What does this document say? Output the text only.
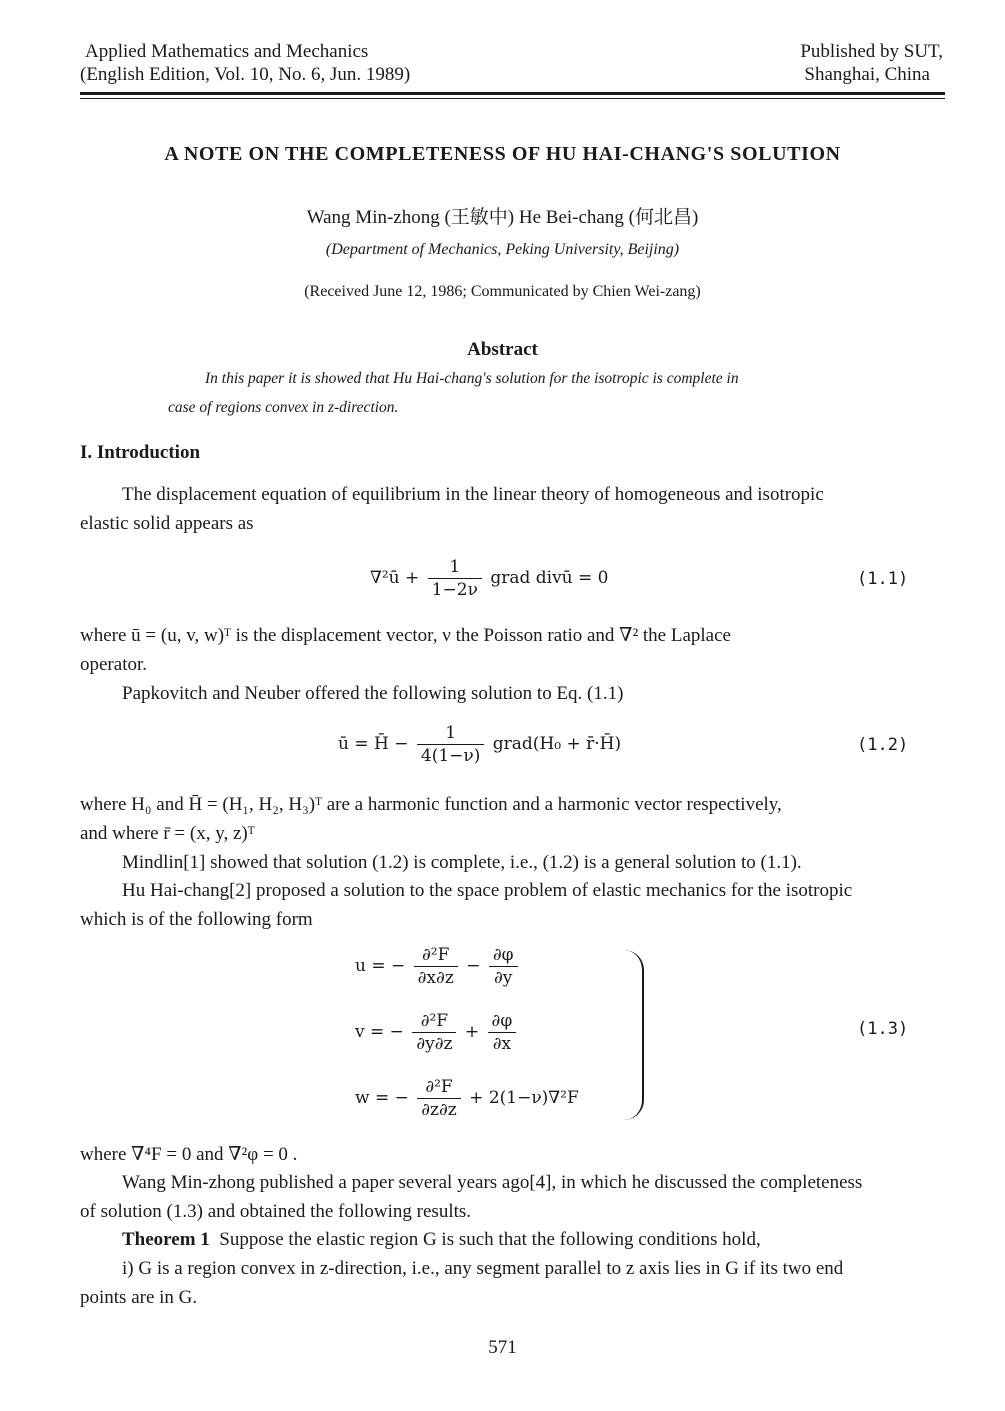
Applied Mathematics and Mechanics
(English Edition, Vol. 10, No. 6, Jun. 1989)
Published by SUT,
Shanghai, China
A NOTE ON THE COMPLETENESS OF HU HAI-CHANG'S SOLUTION
Wang Min-zhong (王敏中) He Bei-chang (何北昌)
(Department of Mechanics, Peking University, Beijing)
(Received June 12, 1986; Communicated by Chien Wei-zang)
Abstract
In this paper it is showed that Hu Hai-chang's solution for the isotropic is complete in
case of regions convex in z-direction.
I. Introduction
The displacement equation of equilibrium in the linear theory of homogeneous and isotropic
elastic solid appears as
∇²ū + $\frac{1}{1-2\nu}$ grad divū = 0	(1.1)
where ū = (u, v, w)ᵀ is the displacement vector, ν the Poisson ratio and ∇² the Laplace
operator.
Papkovitch and Neuber offered the following solution to Eq. (1.1)
ū = H̄ − $\frac{1}{4(1-\nu)}$ grad(H₀ + r̄·H̄)	(1.2)
where H₀ and H̄ = (H₁, H₂, H₃)ᵀ are a harmonic function and a harmonic vector respectively,
and where r̄ = (x, y, z)ᵀ
Mindlin[1] showed that solution (1.2) is complete, i.e., (1.2) is a general solution to (1.1).
Hu Hai-chang[2] proposed a solution to the space problem of elastic mechanics for the isotropic
which is of the following form
u = − $\frac{\text{∂²F}}{\partial x\partial z} - \frac{\partial\varphi}{\partial y}$
v = − $\frac{\text{∂²F}}{\partial y\partial z} + \frac{\partial\varphi}{\partial x}$
w = − $\frac{\text{∂²F}}{\partial z\partial z} + 2(1-\nu)\nabla^2F$
(1.3)
where ∇⁴F = 0 and ∇²φ = 0 .
Wang Min-zhong published a paper several years ago[4], in which he discussed the completeness
of solution (1.3) and obtained the following results.
Theorem 1 Suppose the elastic region G is such that the following conditions hold,
i) G is a region convex in z-direction, i.e., any segment parallel to z axis lies in G if its two end
points are in G.
571
